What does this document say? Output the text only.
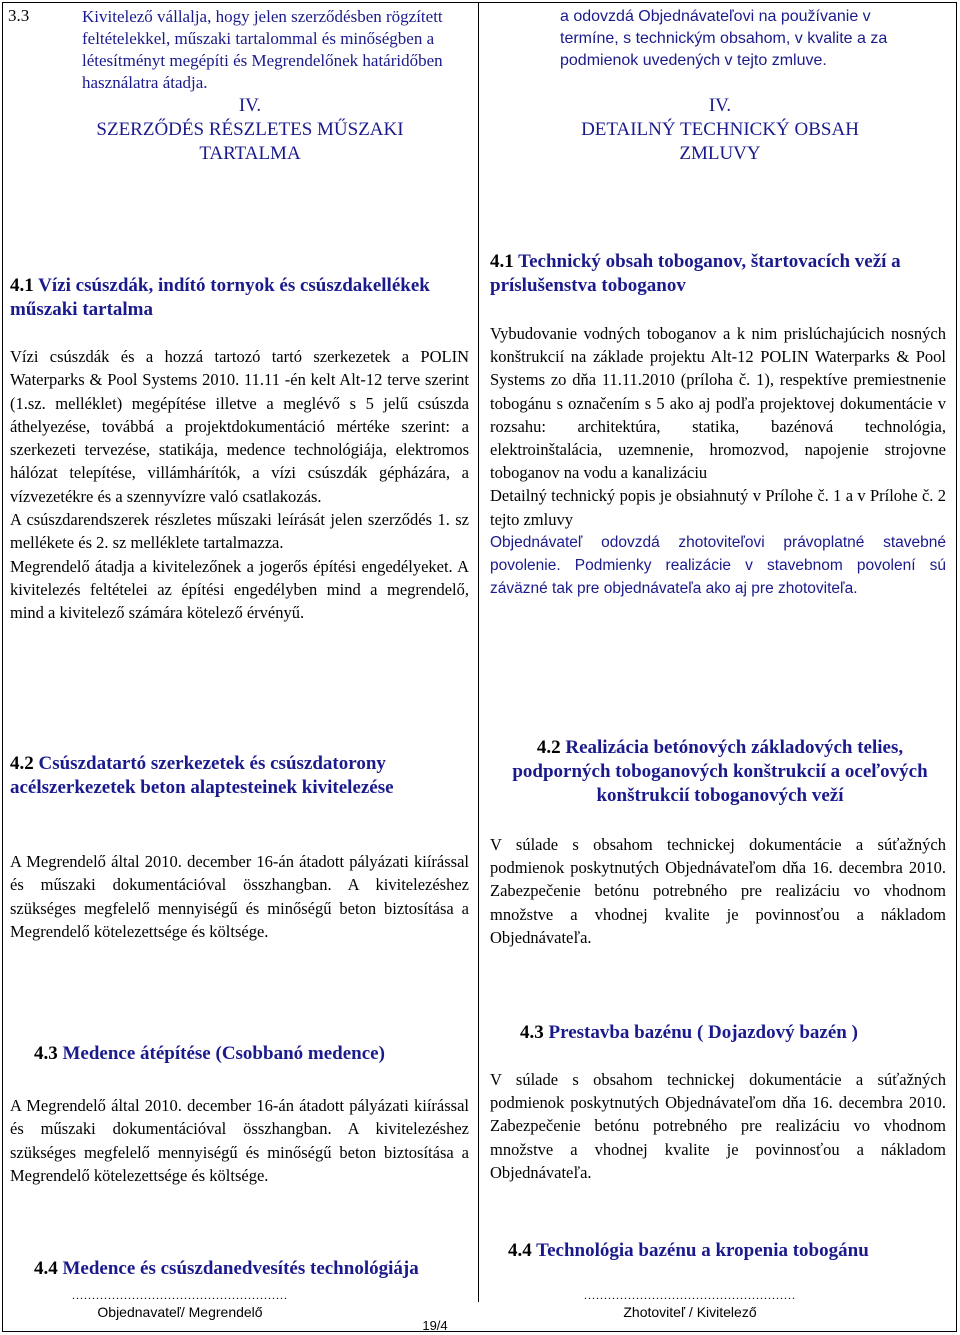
3.3	Kivitelező vállalja, hogy jelen szerződésben rögzített feltételekkel, műszaki tartalommal és minőségben a létesítményt megépíti és Megrendelőnek határidőben használatra átadja.
IV.
SZERZŐDÉS RÉSZLETES MŰSZAKI
TARTALMA
a odovzdá Objednávateľovi na používanie v termíne, s technickým obsahom, v kvalite a za podmienok uvedených v tejto zmluve.
IV.
DETAILNÝ TECHNICKÝ OBSAH
ZMLUVY
4.1 Vízi csúszdák, indító tornyok és csúszdakellékek műszaki tartalma

Vízi csúszdák és a hozzá tartozó tartó szerkezetek a POLIN Waterparks & Pool Systems 2010. 11.11 -én kelt Alt-12 terve szerint (1.sz. melléklet) megépítése illetve a meglévő s 5 jelű csúszda áthelyezése, továbbá a projektdokumentáció mértéke szerint: a szerkezeti tervezése, statikája, medence technológiája, elektromos hálózat telepítése, villámhárítók, a vízi csúszdák gépházára, a vízvezetékre és a szennyvízre való csatlakozás.

A csúszdarendszerek részletes műszaki leírását jelen szerződés 1. sz mellékete és 2. sz melléklete tartalmazza.

Megrendelő átadja a kivitelezőnek a jogerős építési engedélyeket. A kivitelezés feltételei az építési engedélyben mind a megrendelő, mind a kivitelező számára kötelező érvényű.

4.1 Technický obsah toboganov, štartovacích veží a príslušenstva toboganov

Vybudovanie vodných toboganov a k nim prislúchajúcich nosných konštrukcií na základe projektu Alt-12 POLIN Waterparks & Pool Systems zo dňa 11.11.2010 (príloha č. 1), respektíve premiestnenie tobogánu s označením s 5 ako aj podľa projektovej dokumentácie v rozsahu: architektúra, statika, bazénová technológia, elektroinštalácia, uzemnenie, hromozvod, napojenie strojovne toboganov na vodu a kanalizáciu

Detailný technický popis je obsiahnutý v Prílohe č. 1 a v Prílohe č. 2 tejto zmluvy

Objednávateľ odovzdá zhotoviteľovi právoplatné stavebné povolenie. Podmienky realizácie v stavebnom povolení sú záväzné tak pre objednávateľa ako aj pre zhotoviteľa.

4.2 Csúszdatartó szerkezetek és csúszdatorony acélszerkezetek beton alaptesteinek kivitelezése

A Megrendelő által 2010. december 16-án átadott pályázati kiírással és műszaki dokumentációval összhangban. A kivitelezéshez szükséges megfelelő mennyiségű és minőségű beton biztosítása a Megrendelő kötelezettsége és költsége.

4.2 Realizácia betónových základových telies, podporných toboganových konštrukcií a oceľových konštrukcií toboganových veží

V súlade s obsahom technickej dokumentácie a súťažných podmienok poskytnutých Objednávateľom dňa 16. decembra 2010. Zabezpečenie betónu potrebného pre realizáciu vo vhodnom množstve a vhodnej kvalite je povinnosťou a nákladom Objednávateľa.

4.3 Medence átépítése (Csobbanó medence)

A Megrendelő által 2010. december 16-án átadott pályázati kiírással és műszaki dokumentációval összhangban. A kivitelezéshez szükséges megfelelő mennyiségű és minőségű beton biztosítása a Megrendelő kötelezettsége és költsége.

4.3 Prestavba bazénu ( Dojazdový bazén )

V súlade s obsahom technickej dokumentácie a súťažných podmienok poskytnutých Objednávateľom dňa 16. decembra 2010. Zabezpečenie betónu potrebného pre realizáciu vo vhodnom množstve a vhodnej kvalite je povinnosťou a nákladom Objednávateľa.

4.4 Medence és csúszdanedvesítés technológiája
4.4 Technológia bazénu a kropenia tobogánu
......................................................
Objednavateľ/ Megrendelő
19/4
.....................................................
Zhotoviteľ / Kivitelező
